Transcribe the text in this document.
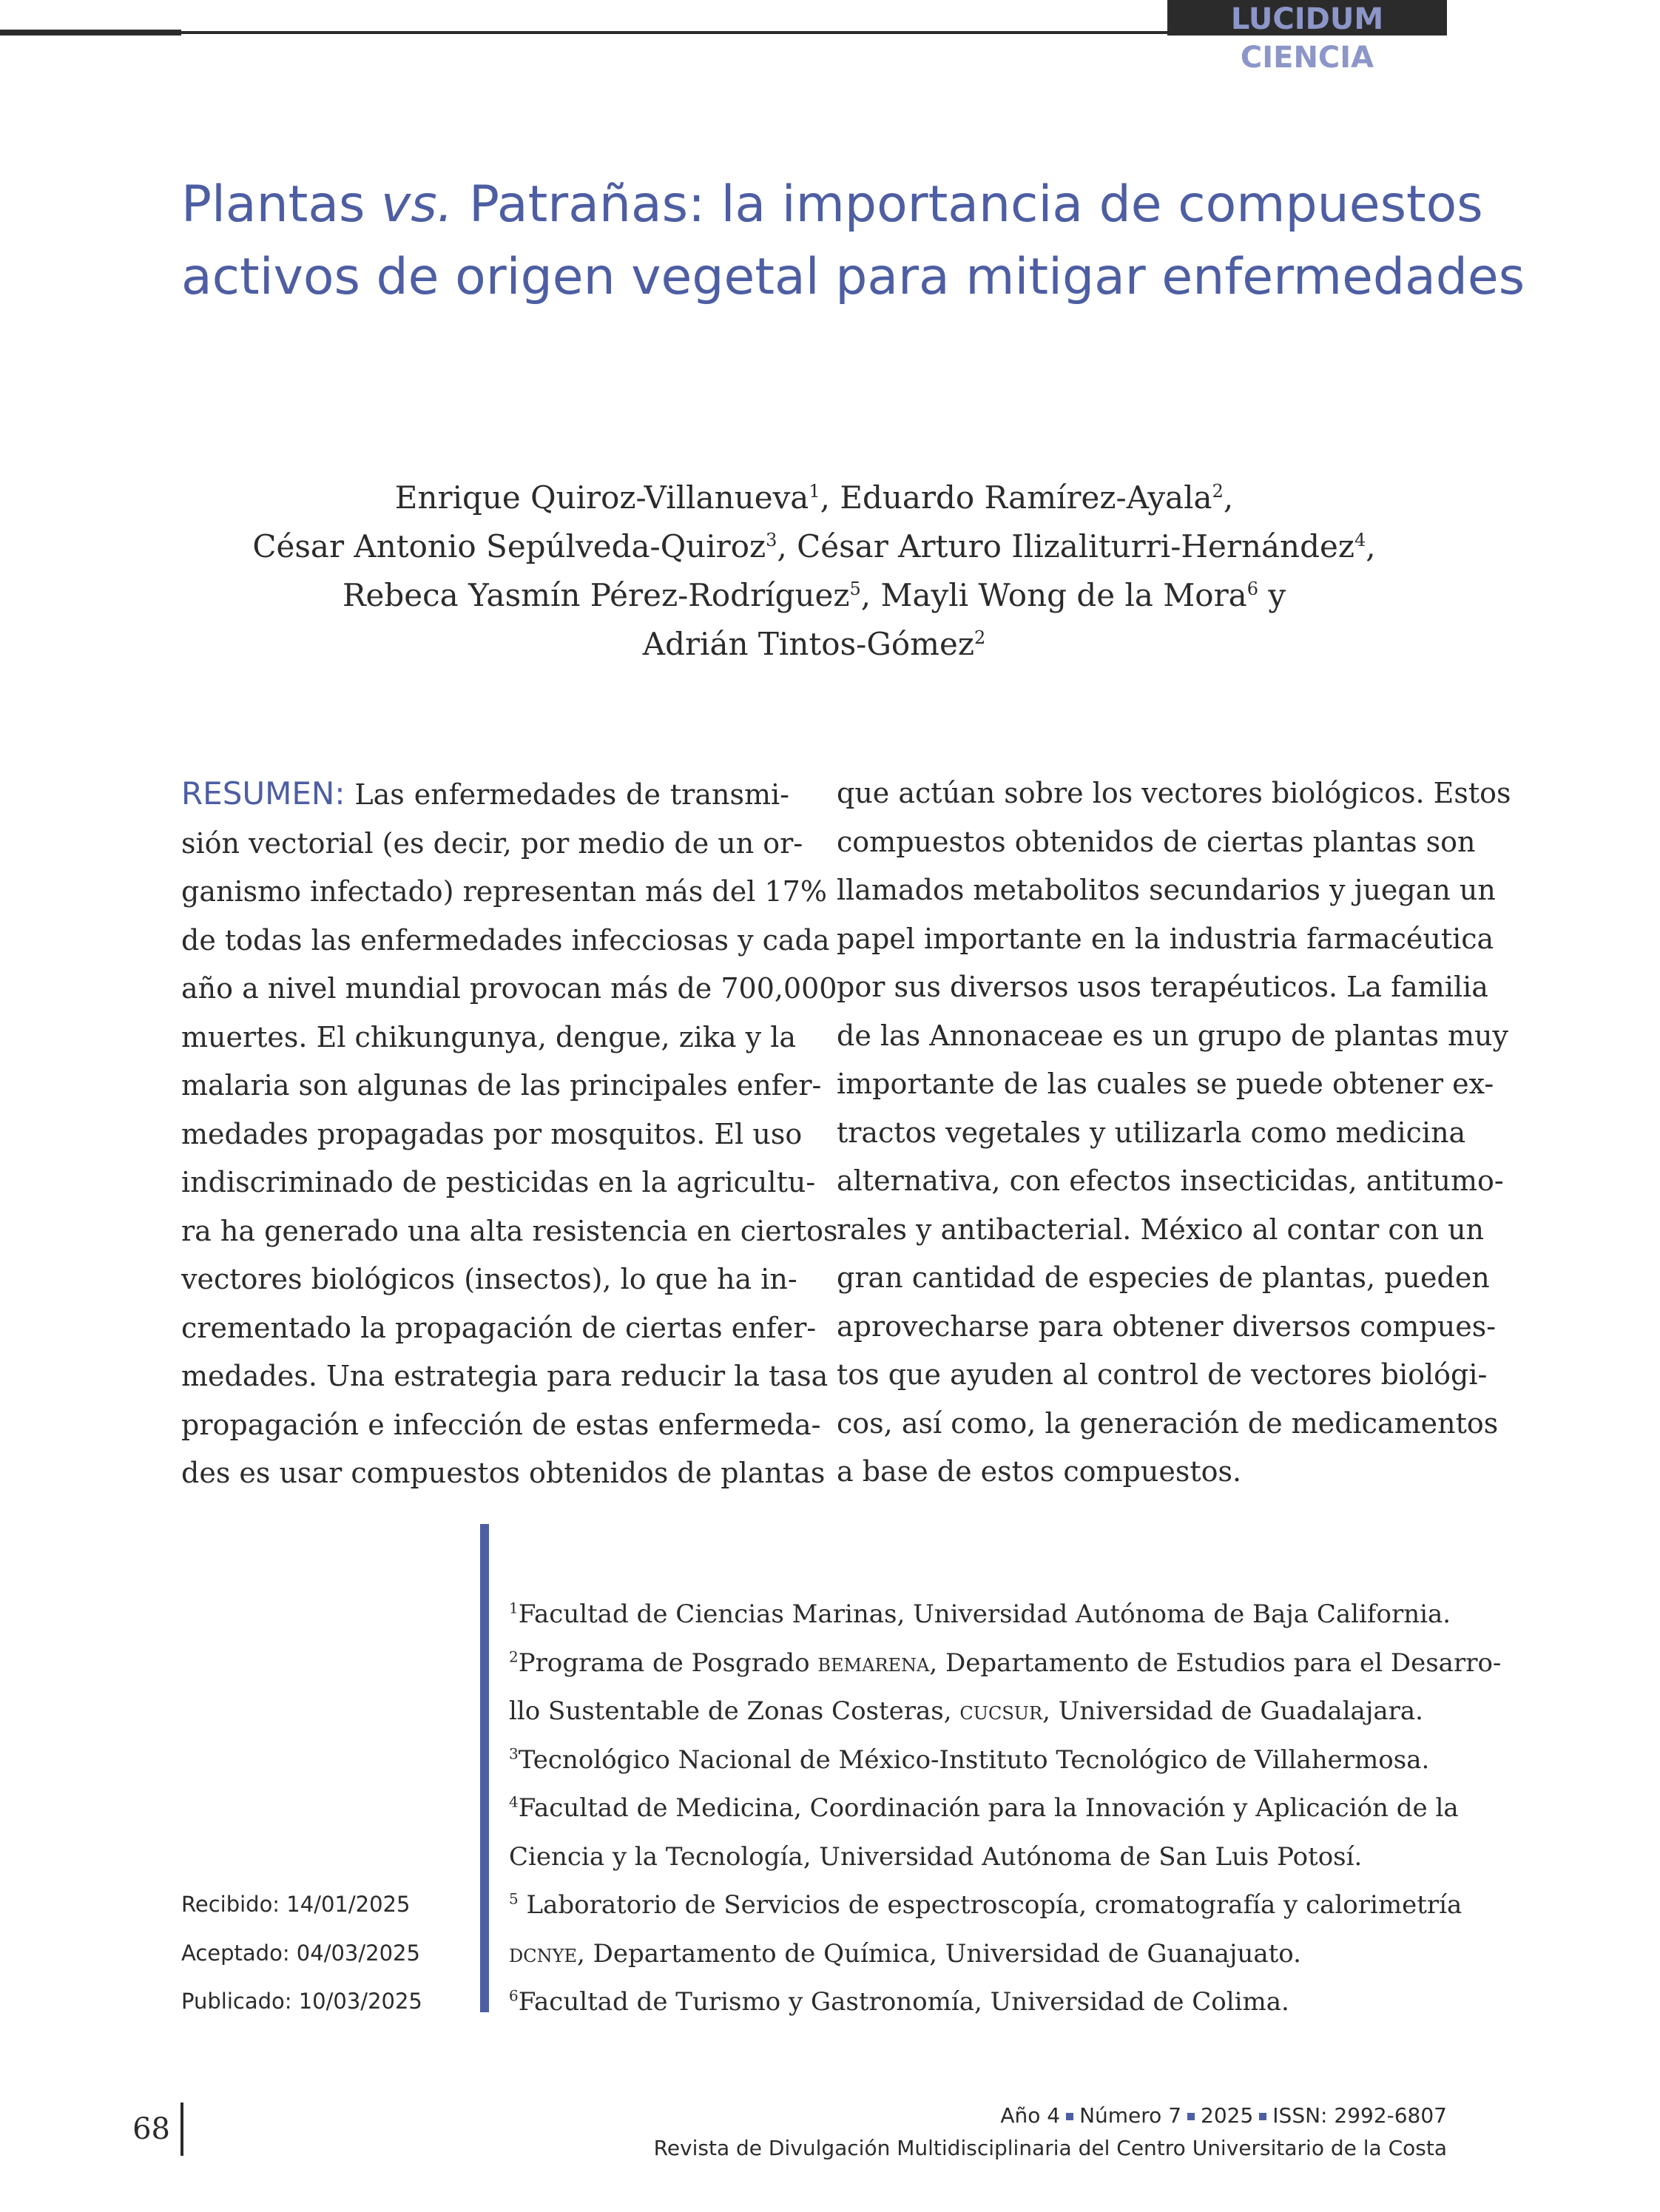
LUCIDUM CIENCIA
Plantas vs. Patrañas: la importancia de compuestos
activos de origen vegetal para mitigar enfermedades
Enrique Quiroz-Villanueva$^1$, Eduardo Ramírez-Ayala$^2$,
César Antonio Sepúlveda-Quiroz$^3$, César Arturo Ilizaliturri-Hernández$^4$,
Rebeca Yasmín Pérez-Rodríguez$^5$, Mayli Wong de la Mora$^6$ y
Adrián Tintos-Gómez$^2$
RESUMEN: Las enfermedades de transmi-
sión vectorial (es decir, por medio de un or-
ganismo infectado) representan más del 17%
de todas las enfermedades infecciosas y cada
año a nivel mundial provocan más de 700,000
muertes. El chikungunya, dengue, zika y la
malaria son algunas de las principales enfer-
medades propagadas por mosquitos. El uso
indiscriminado de pesticidas en la agricultu-
ra ha generado una alta resistencia en ciertos
vectores biológicos (insectos), lo que ha in-
crementado la propagación de ciertas enfer-
medades. Una estrategia para reducir la tasa
propagación e infección de estas enfermeda-
des es usar compuestos obtenidos de plantas
que actúan sobre los vectores biológicos. Estos
compuestos obtenidos de ciertas plantas son
llamados metabolitos secundarios y juegan un
papel importante en la industria farmacéutica
por sus diversos usos terapéuticos. La familia
de las Annonaceae es un grupo de plantas muy
importante de las cuales se puede obtener ex-
tractos vegetales y utilizarla como medicina
alternativa, con efectos insecticidas, antitumo-
rales y antibacterial. México al contar con un
gran cantidad de especies de plantas, pueden
aprovecharse para obtener diversos compues-
tos que ayuden al control de vectores biológi-
cos, así como, la generación de medicamentos
a base de estos compuestos.
$^1$Facultad de Ciencias Marinas, Universidad Autónoma de Baja California.
$^2$Programa de Posgrado bemarena, Departamento de Estudios para el Desarro-
llo Sustentable de Zonas Costeras, cucsur, Universidad de Guadalajara.
$^3$Tecnológico Nacional de México-Instituto Tecnológico de Villahermosa.
$^4$Facultad de Medicina, Coordinación para la Innovación y Aplicación de la
Ciencia y la Tecnología, Universidad Autónoma de San Luis Potosí.
$^5$ Laboratorio de Servicios de espectroscopía, cromatografía y calorimetría
dcnye, Departamento de Química, Universidad de Guanajuato.
$^6$Facultad de Turismo y Gastronomía, Universidad de Colima.
Recibido: 14/01/2025
Aceptado: 04/03/2025
Publicado: 10/03/2025
68	Año 4 Número 7 2025 ISSN: 2992-6807
Revista de Divulgación Multidisciplinaria del Centro Universitario de la Costa
